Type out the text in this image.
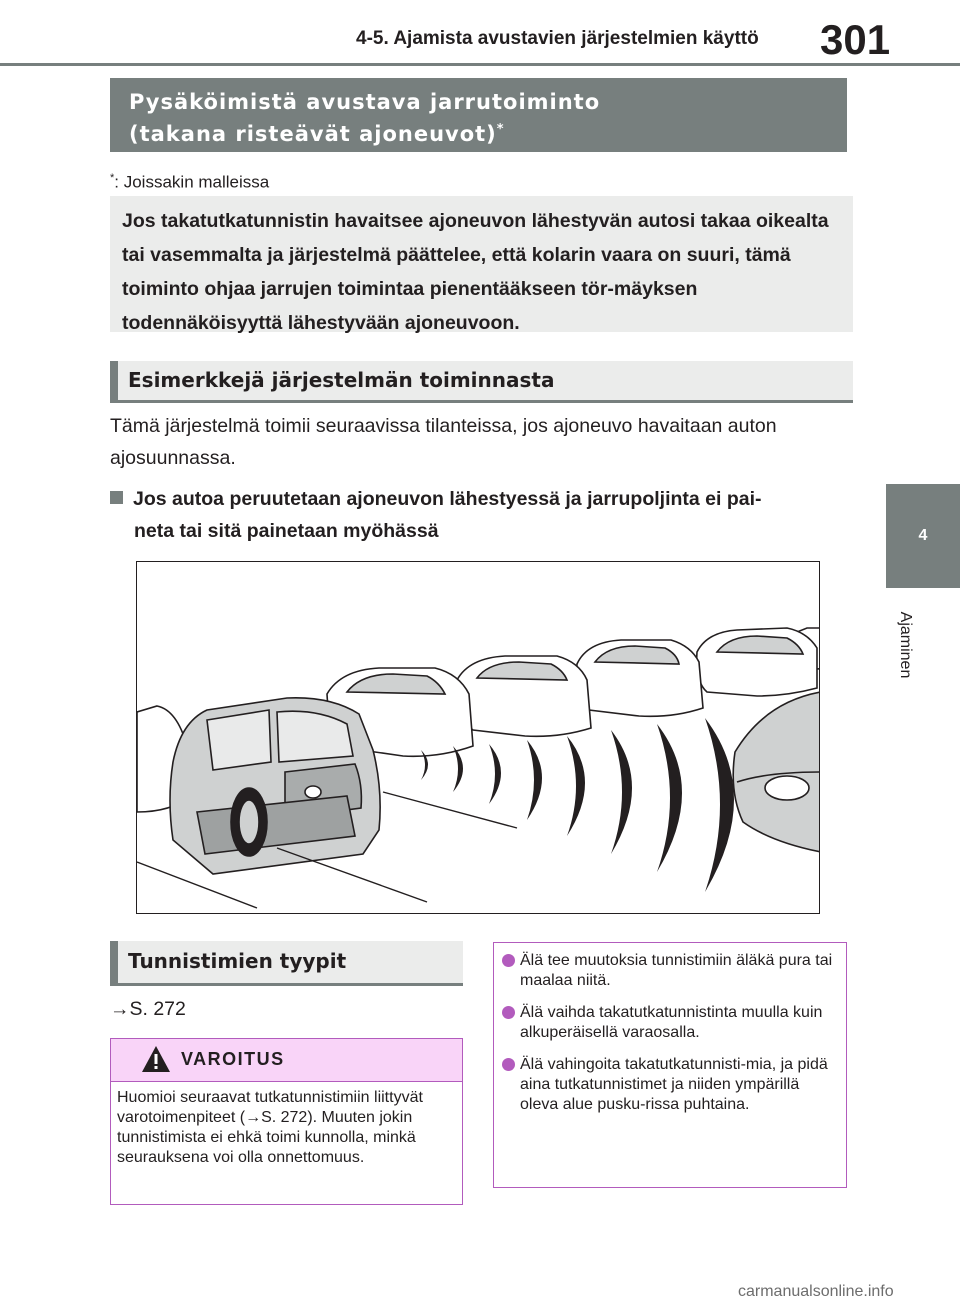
4-5. Ajamista avustavien järjestelmien käyttö 301
4
Ajaminen
Pysäköimistä avustava jarrutoiminto
(takana risteävät ajoneuvot)*
*: Joissakin malleissa
Jos takatutkatunnistin havaitsee ajoneuvon lähestyvän autosi takaa oikealta tai vasemmalta ja järjestelmä päättelee, että kolarin vaara on suuri, tämä toiminto ohjaa jarrujen toimintaa pienentääkseen tör-mäyksen todennäköisyyttä lähestyvään ajoneuvoon.
Esimerkkejä järjestelmän toiminnasta
Tämä järjestelmä toimii seuraavissa tilanteissa, jos ajoneuvo havaitaan auton ajosuunnassa.
Jos autoa peruutetaan ajoneuvon lähestyessä ja jarrupoljinta ei pai-
neta tai sitä painetaan myöhässä
Tunnistimien tyypit
→S. 272
VAROITUS
Huomioi seuraavat tutkatunnistimiin liittyvät varotoimenpiteet (→S. 272). Muuten jokin tunnistimista ei ehkä toimi kunnolla, minkä seurauksena voi olla onnettomuus.
Älä tee muutoksia tunnistimiin äläkä pura tai maalaa niitä.
Älä vaihda takatutkatunnistinta muulla kuin alkuperäisellä varaosalla.
Älä vahingoita takatutkatunnisti-mia, ja pidä aina tutkatunnistimet ja niiden ympärillä oleva alue pusku-rissa puhtaina.
carmanualsonline.info
